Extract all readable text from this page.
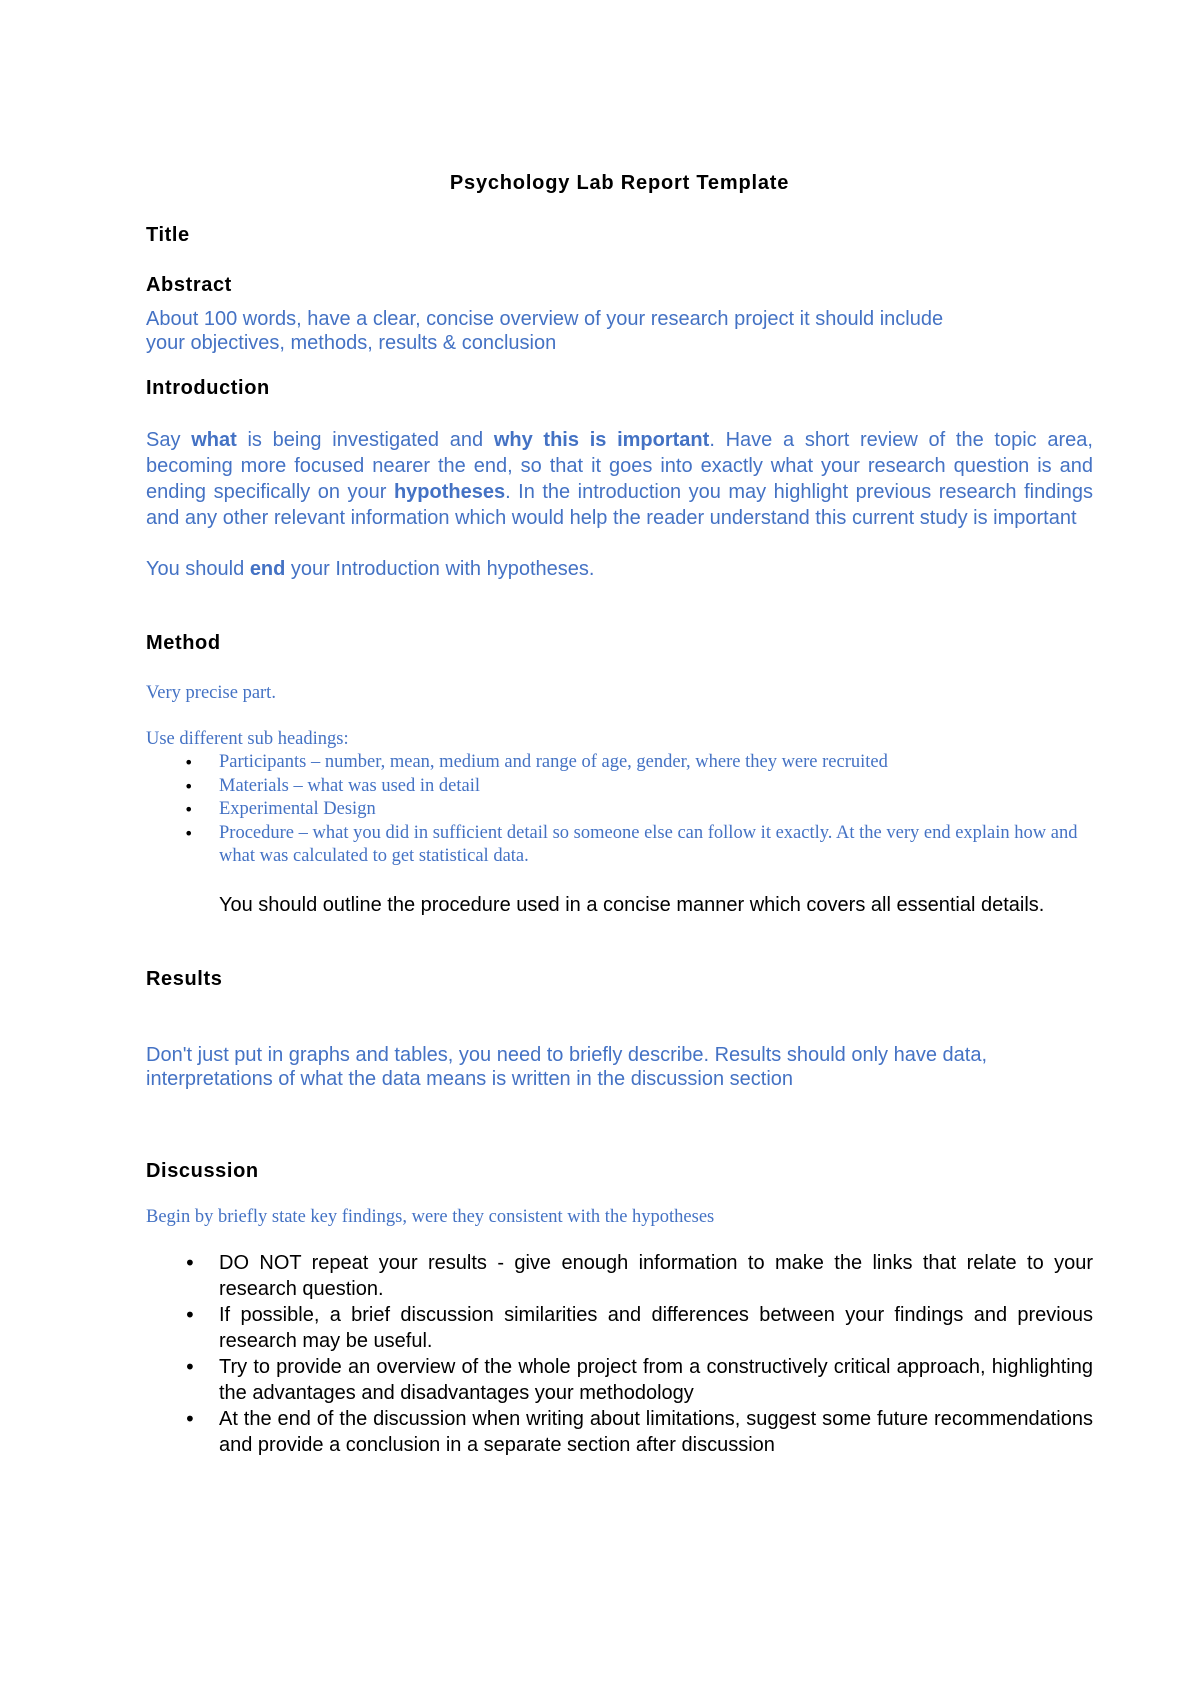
Psychology Lab Report Template
Title
Abstract
About 100 words, have a clear, concise overview of your research project it should include
your objectives, methods, results & conclusion
Introduction

Say what is being investigated and why this is important. Have a short review of the topic area, becoming more focused nearer the end, so that it goes into exactly what your research question is and ending specifically on your hypotheses. In the introduction you may highlight previous research findings and any other relevant information which would help the reader understand this current study is important

You should end your Introduction with hypotheses.

Method

Very precise part.

Use different sub headings:

• Participants – number, mean, medium and range of age, gender, where they were recruited
• Materials – what was used in detail
• Experimental Design
• Procedure – what you did in sufficient detail so someone else can follow it exactly. At the very end explain how and what was calculated to get statistical data.

You should outline the procedure used in a concise manner which covers all essential details.

Results
Don't just put in graphs and tables, you need to briefly describe. Results should only have data,
interpretations of what the data means is written in the discussion section
Discussion

Begin by briefly state key findings, were they consistent with the hypotheses

• DO NOT repeat your results - give enough information to make the links that relate to your research question.
• If possible, a brief discussion similarities and differences between your findings and previous research may be useful.
• Try to provide an overview of the whole project from a constructively critical approach, highlighting the advantages and disadvantages your methodology
• At the end of the discussion when writing about limitations, suggest some future recommendations and provide a conclusion in a separate section after discussion
